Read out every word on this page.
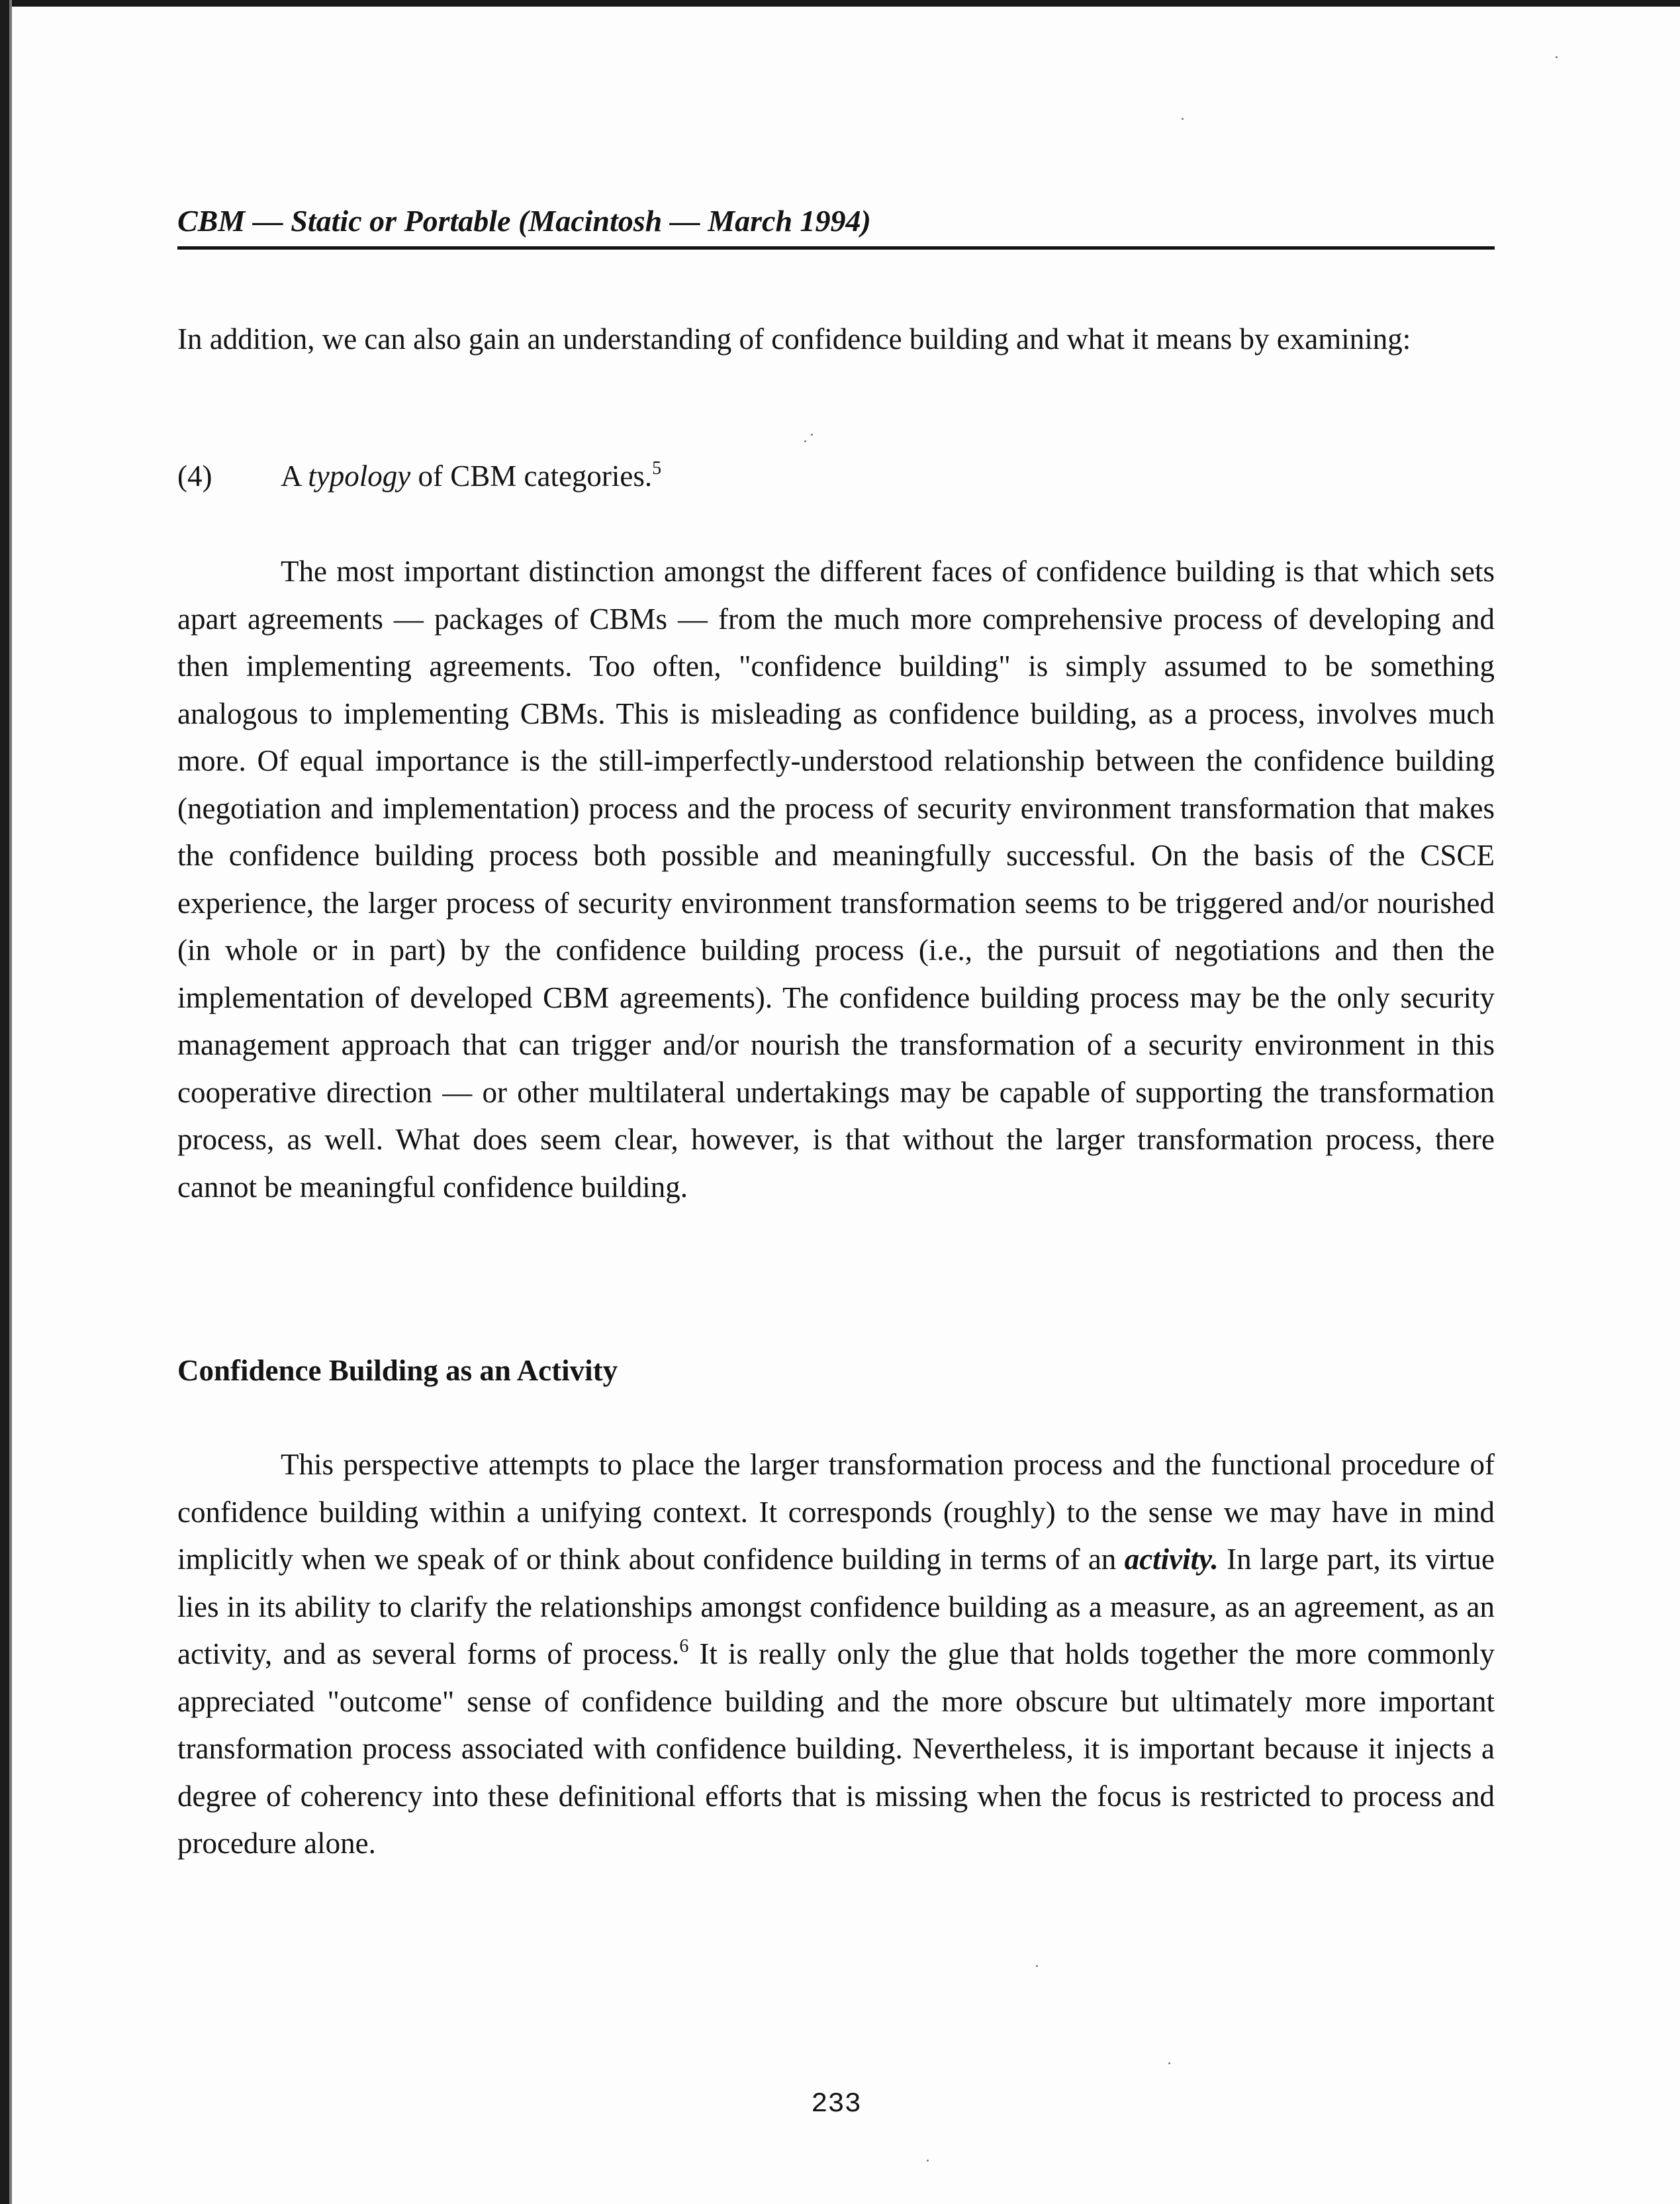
CBM — Static or Portable (Macintosh — March 1994)

In addition, we can also gain an understanding of confidence building and what it means by examining:

(4) A typology of CBM categories.$^5$

The most important distinction amongst the different faces of confidence building is that which sets apart agreements — packages of CBMs — from the much more comprehensive process of developing and then implementing agreements. Too often, "confidence building" is simply assumed to be something analogous to implementing CBMs. This is misleading as confidence building, as a process, involves much more. Of equal importance is the still-imperfectly-understood relationship between the confidence building (negotiation and implementation) process and the process of security environment transformation that makes the confidence building process both possible and meaningfully successful. On the basis of the CSCE experience, the larger process of security environment transformation seems to be triggered and/or nourished (in whole or in part) by the confidence building process (i.e., the pursuit of negotiations and then the implementation of developed CBM agreements). The confidence building process may be the only security management approach that can trigger and/or nourish the transformation of a security environment in this cooperative direction — or other multilateral undertakings may be capable of supporting the transformation process, as well. What does seem clear, however, is that without the larger transformation process, there cannot be meaningful confidence building.

Confidence Building as an Activity

This perspective attempts to place the larger transformation process and the functional procedure of confidence building within a unifying context. It corresponds (roughly) to the sense we may have in mind implicitly when we speak of or think about confidence building in terms of an activity. In large part, its virtue lies in its ability to clarify the relationships amongst confidence building as a measure, as an agreement, as an activity, and as several forms of process.$^6$ It is really only the glue that holds together the more commonly appreciated "outcome" sense of confidence building and the more obscure but ultimately more important transformation process associated with confidence building. Nevertheless, it is important because it injects a degree of coherency into these definitional efforts that is missing when the focus is restricted to process and procedure alone.

233
